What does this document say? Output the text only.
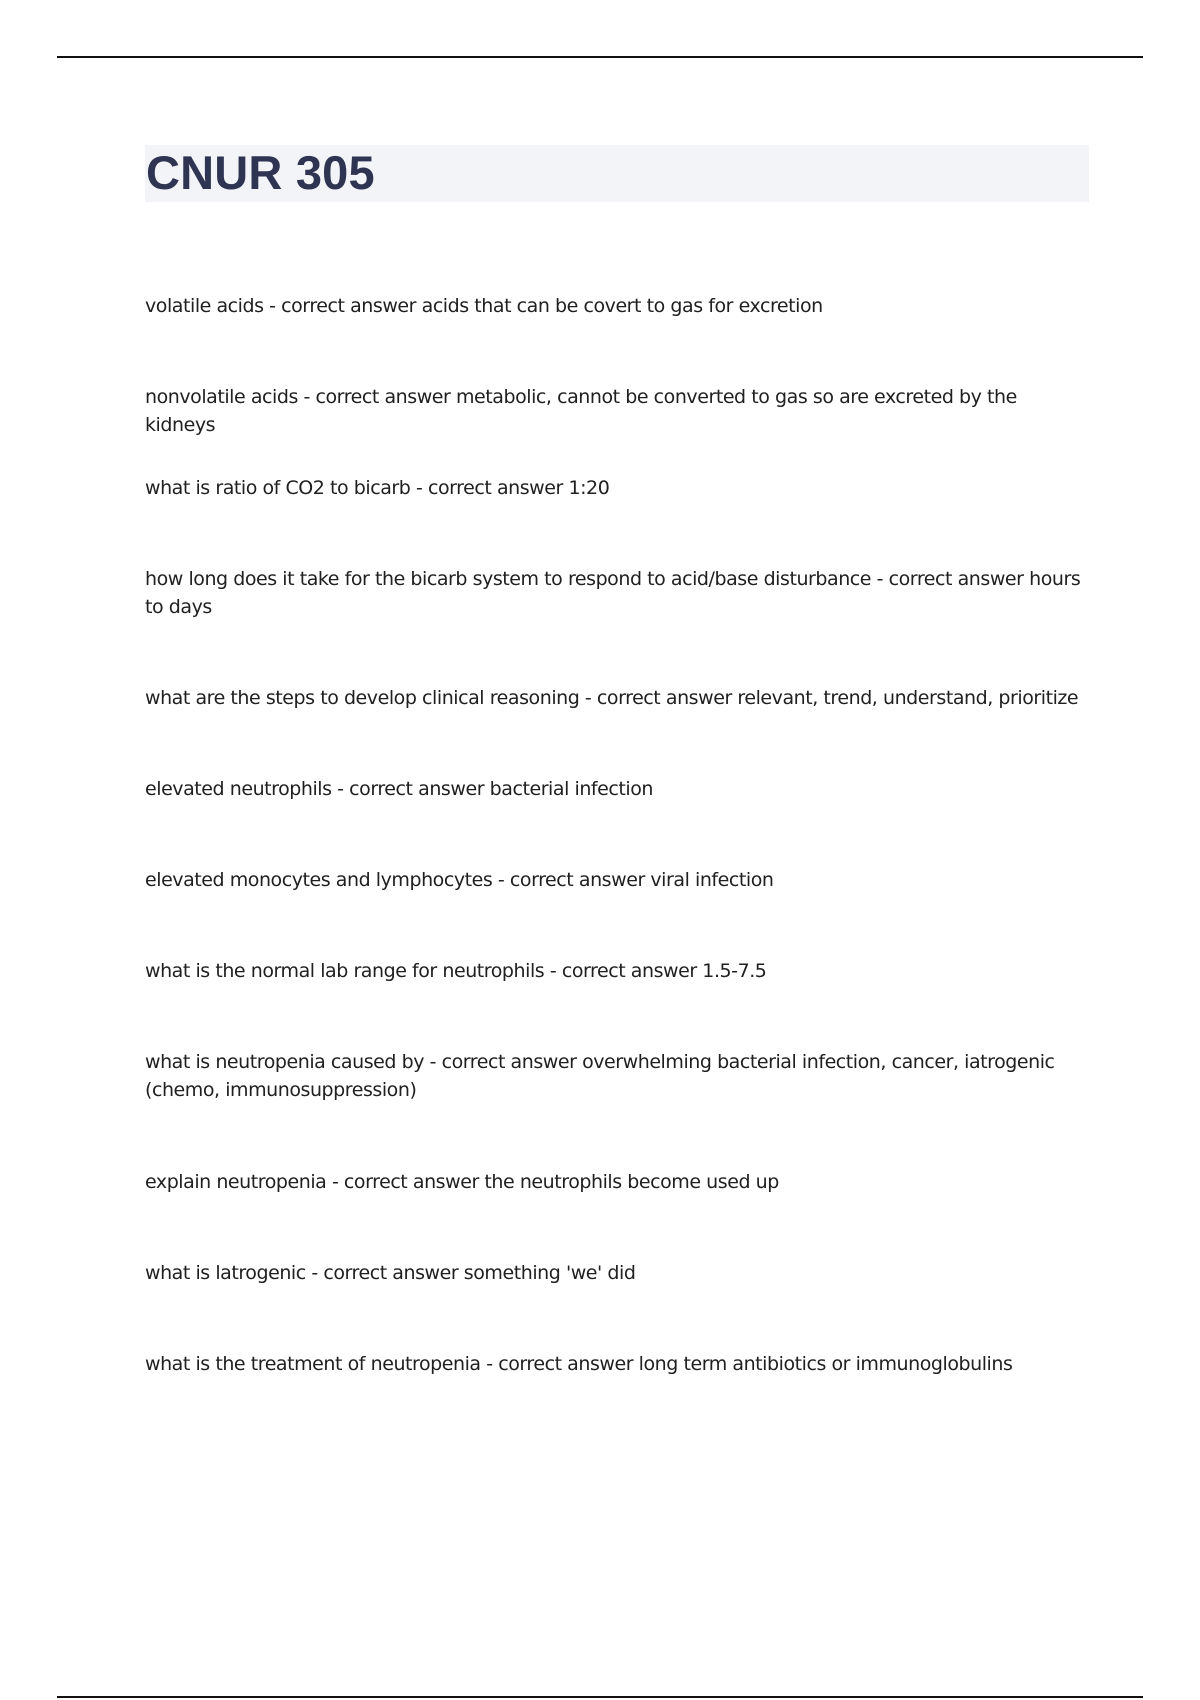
CNUR 305
volatile acids - correct answer acids that can be covert to gas for excretion
nonvolatile acids - correct answer metabolic, cannot be converted to gas so are excreted by the kidneys
what is ratio of CO2 to bicarb - correct answer 1:20
how long does it take for the bicarb system to respond to acid/base disturbance - correct answer hours to days
what are the steps to develop clinical reasoning - correct answer relevant, trend, understand, prioritize
elevated neutrophils - correct answer bacterial infection
elevated monocytes and lymphocytes - correct answer viral infection
what is the normal lab range for neutrophils - correct answer 1.5-7.5
what is neutropenia caused by - correct answer overwhelming bacterial infection, cancer, iatrogenic (chemo, immunosuppression)
explain neutropenia - correct answer the neutrophils become used up
what is latrogenic - correct answer something 'we' did
what is the treatment of neutropenia - correct answer long term antibiotics or immunoglobulins
